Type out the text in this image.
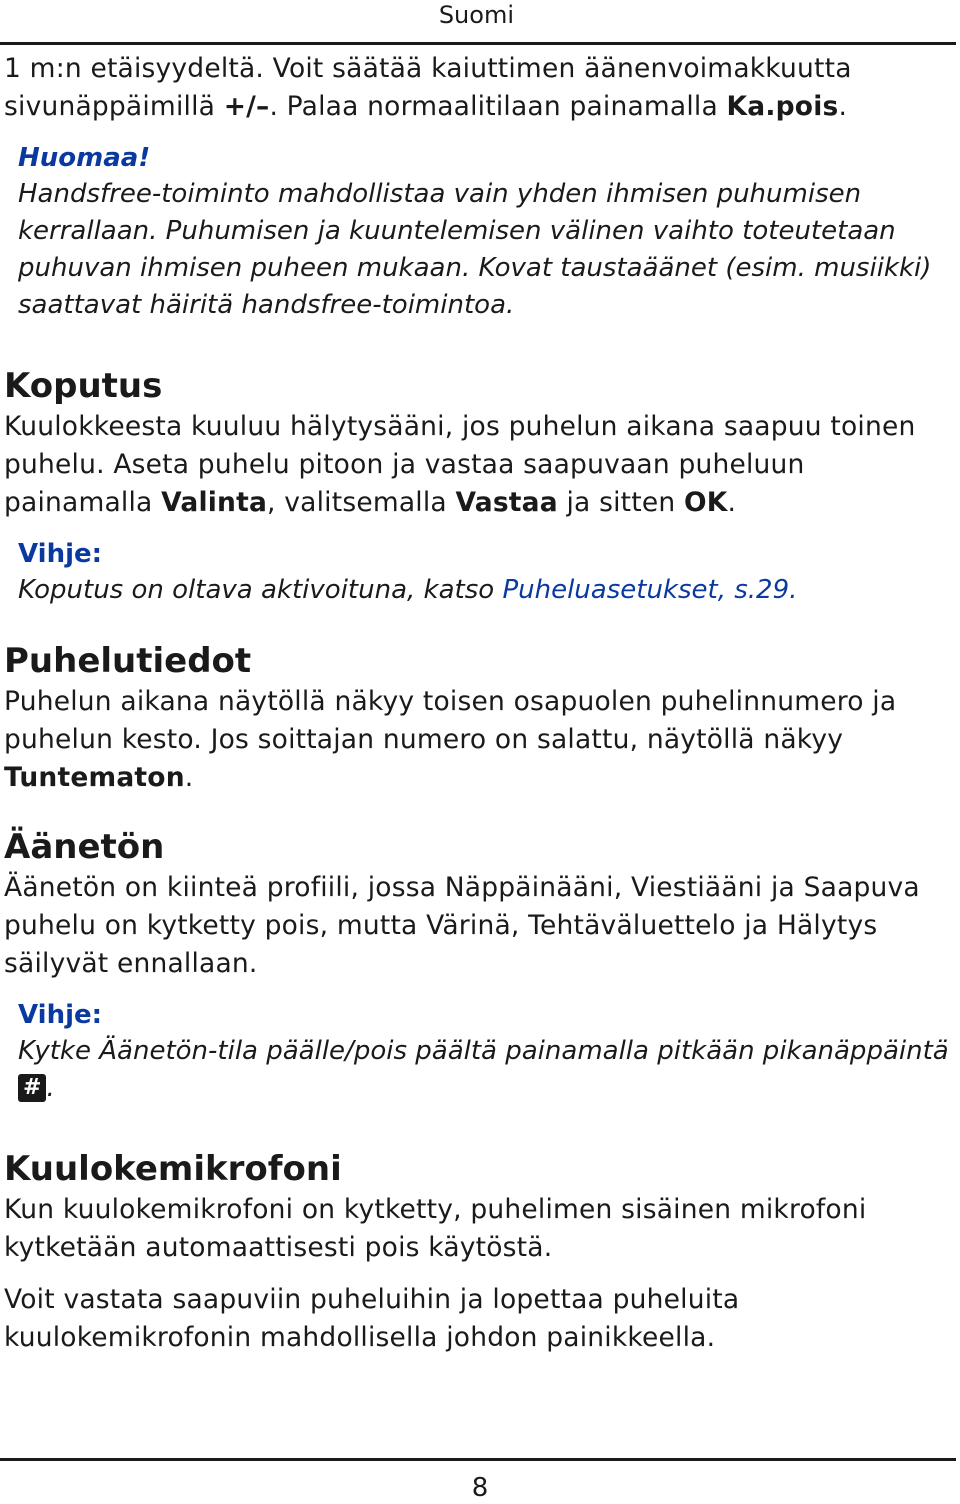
Suomi

1 m:n etäisyydeltä. Voit säätää kaiuttimen äänenvoimakkuutta sivunäppäimillä +/–. Palaa normaalitilaan painamalla Ka.pois.

Huomaa!

Handsfree-toiminto mahdollistaa vain yhden ihmisen puhumisen kerrallaan. Puhumisen ja kuuntelemisen välinen vaihto toteutetaan puhuvan ihmisen puheen mukaan. Kovat taustaäänet (esim. musiikki) saattavat häiritä handsfree-toimintoa.

Koputus

Kuulokkeesta kuuluu hälytysääni, jos puhelun aikana saapuu toinen puhelu. Aseta puhelu pitoon ja vastaa saapuvaan puheluun painamalla Valinta, valitsemalla Vastaa ja sitten OK.

Vihje:

Koputus on oltava aktivoituna, katso Puheluasetukset, s.29.

Puhelutiedot

Puhelun aikana näytöllä näkyy toisen osapuolen puhelinnumero ja puhelun kesto. Jos soittajan numero on salattu, näytöllä näkyy Tuntematon.

Äänetön

Äänetön on kiinteä profiili, jossa Näppäinääni, Viestiääni ja Saapuva puhelu on kytketty pois, mutta Värinä, Tehtäväluettelo ja Hälytys säilyvät ennallaan.

Vihje:

Kytke Äänetön-tila päälle/pois päältä painamalla pitkään pikanäppäintä # .

Kuulokemikrofoni

Kun kuulokemikrofoni on kytketty, puhelimen sisäinen mikrofoni kytketään automaattisesti pois käytöstä.

Voit vastata saapuviin puheluihin ja lopettaa puheluita kuulokemikrofonin mahdollisella johdon painikkeella.

8
